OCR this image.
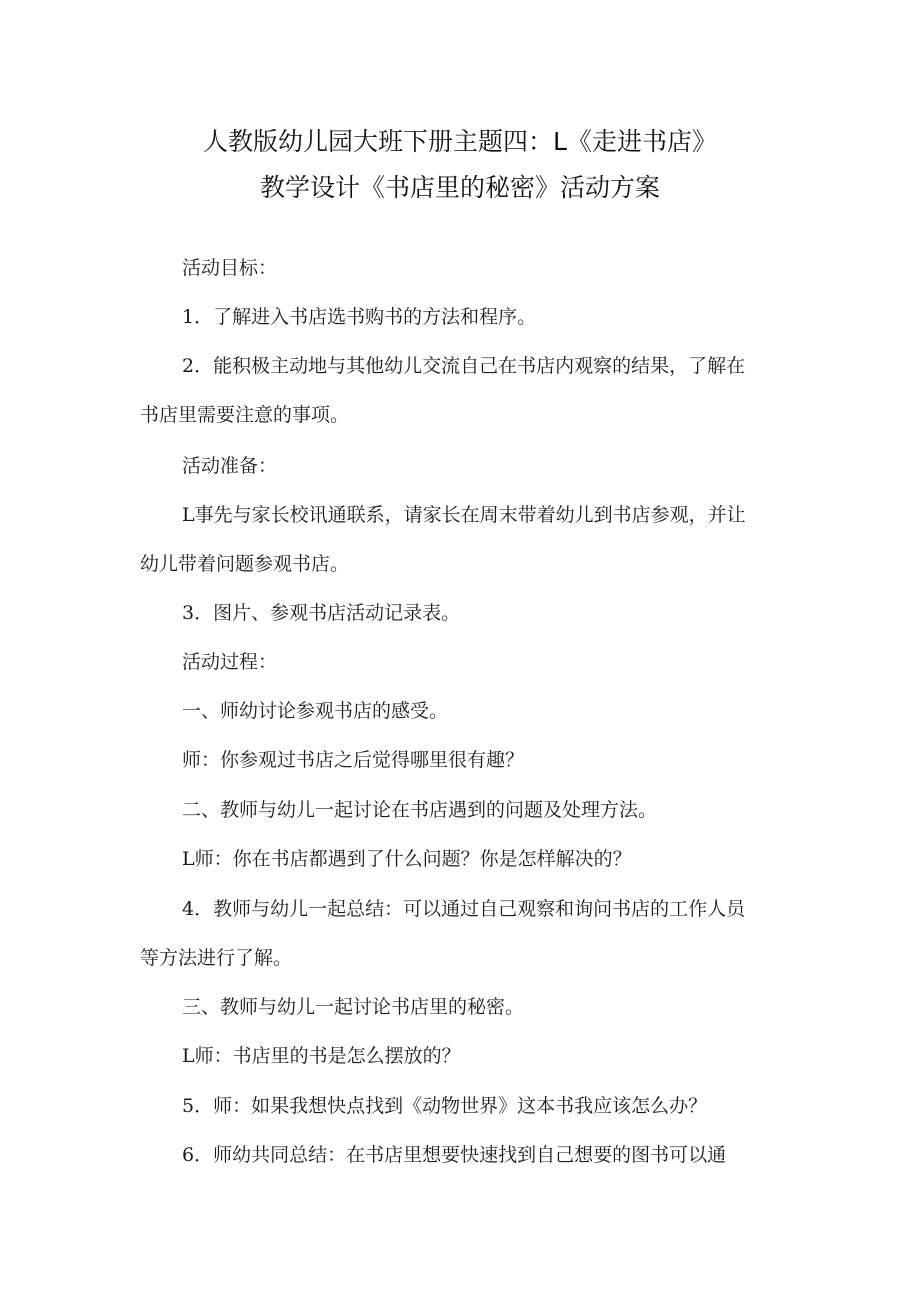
人教版幼儿园大班下册主题四：L《走进书店》
教学设计《书店里的秘密》活动方案
活动目标：
1．了解进入书店选书购书的方法和程序。
2．能积极主动地与其他幼儿交流自己在书店内观察的结果，了解在
书店里需要注意的事项。
活动准备：
L事先与家长校讯通联系，请家长在周末带着幼儿到书店参观，并让
幼儿带着问题参观书店。
3．图片、参观书店活动记录表。
活动过程：
一、师幼讨论参观书店的感受。
师：你参观过书店之后觉得哪里很有趣？
二、教师与幼儿一起讨论在书店遇到的问题及处理方法。
L师：你在书店都遇到了什么问题？你是怎样解决的？
4．教师与幼儿一起总结：可以通过自己观察和询问书店的工作人员
等方法进行了解。
三、教师与幼儿一起讨论书店里的秘密。
L师：书店里的书是怎么摆放的？
5．师：如果我想快点找到《动物世界》这本书我应该怎么办？
6．师幼共同总结：在书店里想要快速找到自己想要的图书可以通
